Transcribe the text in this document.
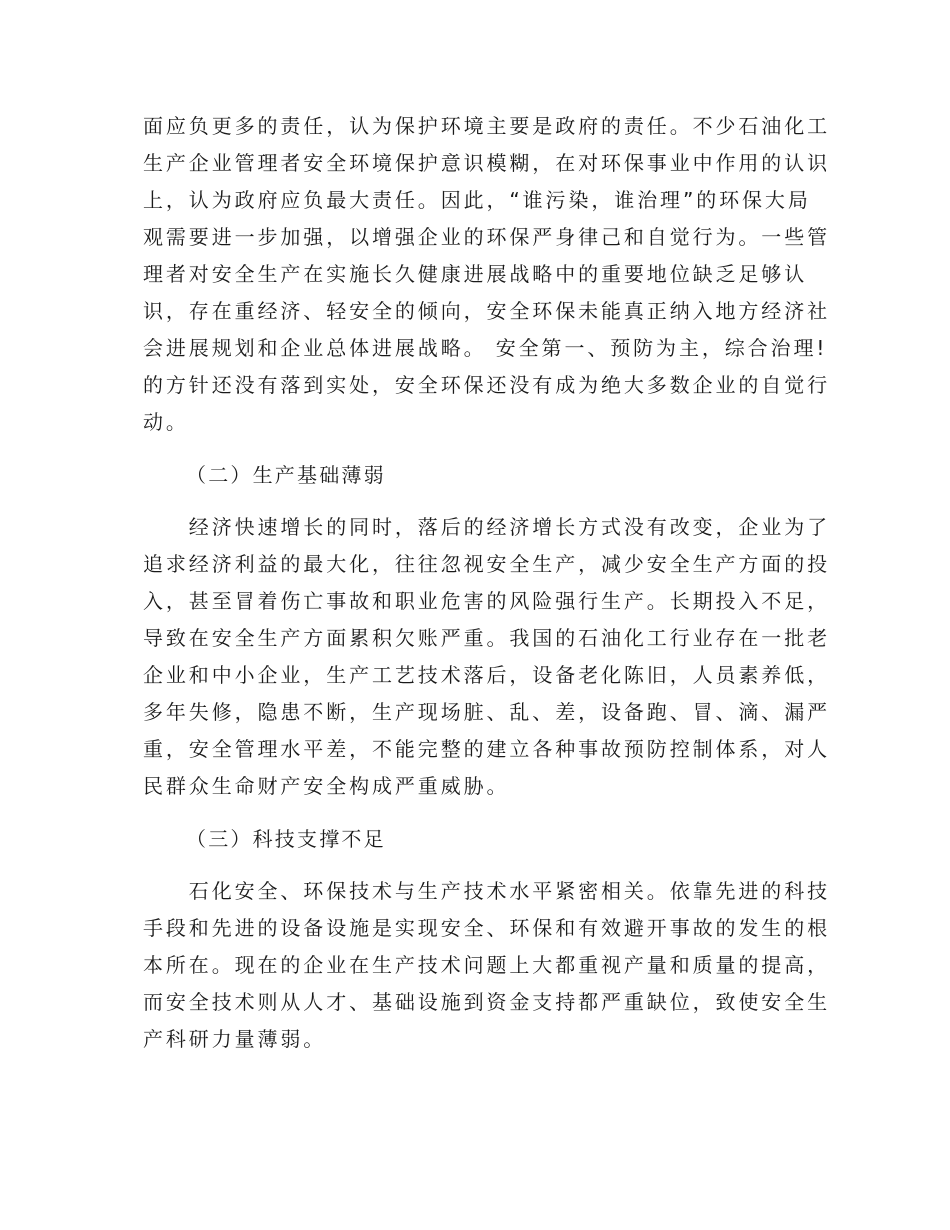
面应负更多的责任，认为保护环境主要是政府的责任。不少石油化工
生产企业管理者安全环境保护意识模糊，在对环保事业中作用的认识
上，认为政府应负最大责任。因此，“谁污染，谁治理”的环保大局
观需要进一步加强，以增强企业的环保严身律己和自觉行为。一些管
理者对安全生产在实施长久健康进展战略中的重要地位缺乏足够认
识，存在重经济、轻安全的倾向，安全环保未能真正纳入地方经济社
会进展规划和企业总体进展战略。 安全第一、预防为主，综合治理!
的方针还没有落到实处，安全环保还没有成为绝大多数企业的自觉行
动。
（二）生产基础薄弱
　　经济快速增长的同时，落后的经济增长方式没有改变，企业为了
追求经济利益的最大化，往往忽视安全生产，减少安全生产方面的投
入，甚至冒着伤亡事故和职业危害的风险强行生产。长期投入不足，
导致在安全生产方面累积欠账严重。我国的石油化工行业存在一批老
企业和中小企业，生产工艺技术落后，设备老化陈旧，人员素养低，
多年失修，隐患不断，生产现场脏、乱、差，设备跑、冒、滴、漏严
重，安全管理水平差，不能完整的建立各种事故预防控制体系，对人
民群众生命财产安全构成严重威胁。
（三）科技支撑不足
　　石化安全、环保技术与生产技术水平紧密相关。依靠先进的科技
手段和先进的设备设施是实现安全、环保和有效避开事故的发生的根
本所在。现在的企业在生产技术问题上大都重视产量和质量的提高，
而安全技术则从人才、基础设施到资金支持都严重缺位，致使安全生
产科研力量薄弱。
